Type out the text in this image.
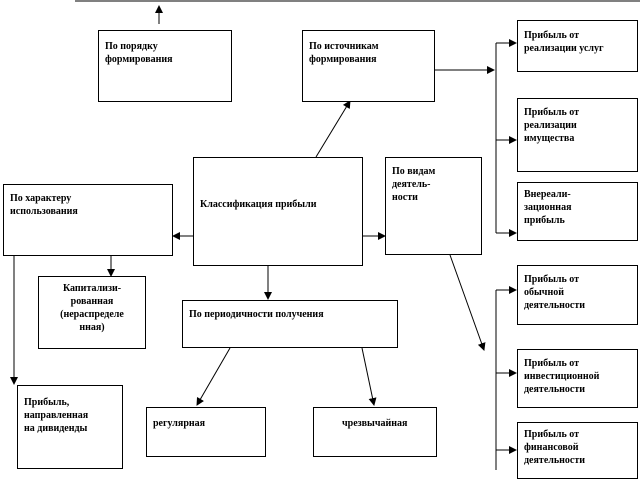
По порядку
формирования
По источникам
формирования
Классификация прибыли
По видам
деятель-
ности
По характеру
использования
Капитализи-
рованная
(нераспределе
нная)
По периодичности получения
Прибыль,
направленная
на дивиденды	регулярная	чрезвычайная
Прибыль от
реализации услуг
Прибыль от
реализации
имущества
Внереали-
зационная
прибыль
Прибыль от
обычной
деятельности
Прибыль от
инвестиционной
деятельности
Прибыль от
финансовой
деятельности
